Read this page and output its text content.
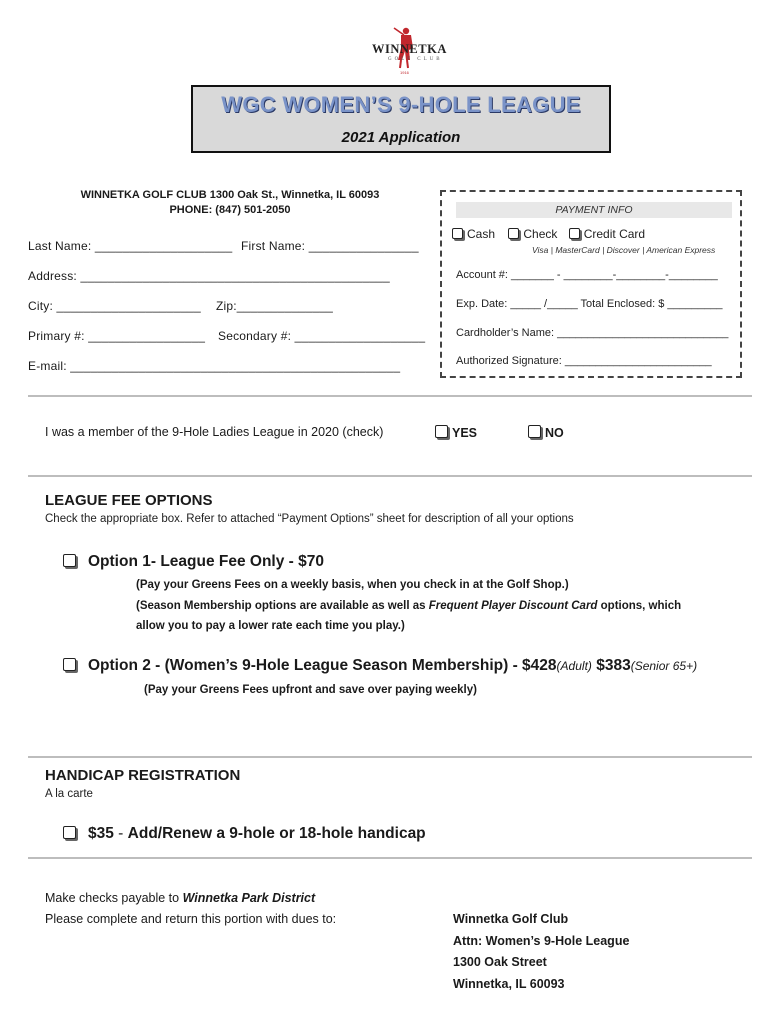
WINNETKA
GOLF CLUB
1916
WGC WOMEN’S 9-HOLE LEAGUE
2021 Application
WINNETKA GOLF CLUB 1300 Oak St., Winnetka, IL 60093
PHONE: (847) 501-2050
Last Name: ____________________ First Name: ________________
Address: _____________________________________________
City: _____________________ Zip:______________
Primary #: _________________ Secondary #: ___________________
E-mail: ________________________________________________
PAYMENT INFO
Cash Check Credit Card
Visa | MasterCard | Discover | American Express
Account #: _______ - ________-________-________
Exp. Date: _____ /_____ Total Enclosed: $ _________
Cardholder’s Name: ____________________________
Authorized Signature: ________________________
I was a member of the 9-Hole Ladies League in 2020 (check)	YES	NO
LEAGUE FEE OPTIONS
Check the appropriate box. Refer to attached “Payment Options” sheet for description of all your options
Option 1- League Fee Only - $70
(Pay your Greens Fees on a weekly basis, when you check in at the Golf Shop.)
(Season Membership options are available as well as Frequent Player Discount Card options, which
allow you to pay a lower rate each time you play.)
Option 2 - (Women’s 9-Hole League Season Membership) - $428(Adult) $383(Senior 65+)
(Pay your Greens Fees upfront and save over paying weekly)
HANDICAP REGISTRATION
A la carte
$35 - Add/Renew a 9-hole or 18-hole handicap
Make checks payable to Winnetka Park District
Please complete and return this portion with dues to:	Winnetka Golf Club
Attn: Women’s 9-Hole League
1300 Oak Street
Winnetka, IL 60093
